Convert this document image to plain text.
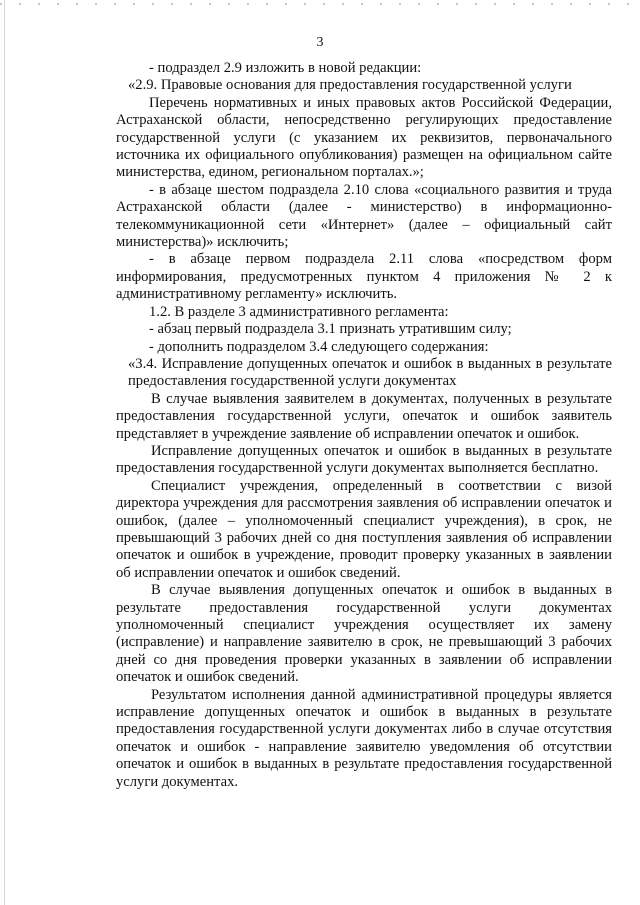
3

- подраздел 2.9 изложить в новой редакции:

«2.9. Правовые основания для предоставления государственной услуги

Перечень нормативных и иных правовых актов Российской Федерации, Астраханской области, непосредственно регулирующих предоставление государственной услуги (с указанием их реквизитов, первоначального источника их официального опубликования) размещен на официальном сайте министерства, едином, региональном порталах.»;

- в абзаце шестом подраздела 2.10 слова «социального развития и труда Астраханской области (далее - министерство) в информационно-телекоммуникационной сети «Интернет» (далее – официальный сайт министерства)» исключить;

- в абзаце первом подраздела 2.11 слова «посредством форм информирования, предусмотренных пунктом 4 приложения № 2 к административному регламенту» исключить.

1.2. В разделе 3 административного регламента:

- абзац первый подраздела 3.1 признать утратившим силу;

- дополнить подразделом 3.4 следующего содержания:

«3.4. Исправление допущенных опечаток и ошибок в выданных в результате предоставления государственной услуги документах

В случае выявления заявителем в документах, полученных в результате предоставления государственной услуги, опечаток и ошибок заявитель представляет в учреждение заявление об исправлении опечаток и ошибок.

Исправление допущенных опечаток и ошибок в выданных в результате предоставления государственной услуги документах выполняется бесплатно.

Специалист учреждения, определенный в соответствии с визой директора учреждения для рассмотрения заявления об исправлении опечаток и ошибок, (далее – уполномоченный специалист учреждения), в срок, не превышающий 3 рабочих дней со дня поступления заявления об исправлении опечаток и ошибок в учреждение, проводит проверку указанных в заявлении об исправлении опечаток и ошибок сведений.

В случае выявления допущенных опечаток и ошибок в выданных в результате предоставления государственной услуги документах уполномоченный специалист учреждения осуществляет их замену (исправление) и направление заявителю в срок, не превышающий 3 рабочих дней со дня проведения проверки указанных в заявлении об исправлении опечаток и ошибок сведений.

Результатом исполнения данной административной процедуры является исправление допущенных опечаток и ошибок в выданных в результате предоставления государственной услуги документах либо в случае отсутствия опечаток и ошибок - направление заявителю уведомления об отсутствии опечаток и ошибок в выданных в результате предоставления государственной услуги документах.
